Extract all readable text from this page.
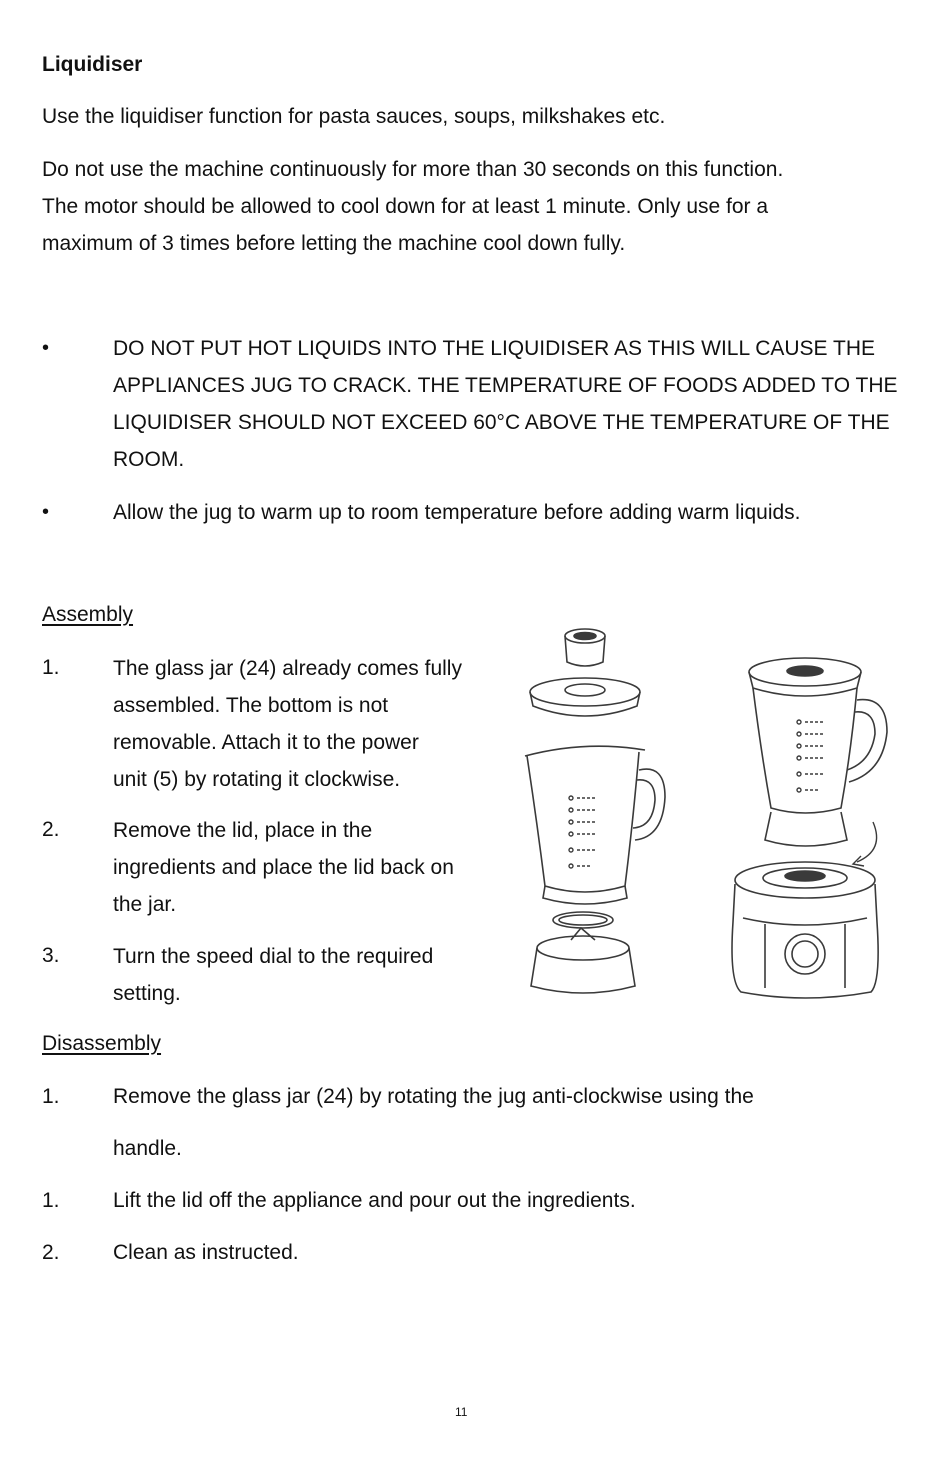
Liquidiser
Use the liquidiser function for pasta sauces, soups, milkshakes etc.
Do not use the machine continuously for more than 30 seconds on this function.
The motor should be allowed to cool down for at least 1 minute. Only use for a
maximum of 3 times before letting the machine cool down fully.
•	DO NOT PUT HOT LIQUIDS INTO THE LIQUIDISER AS THIS WILL CAUSE THE
APPLIANCES JUG TO CRACK. THE TEMPERATURE OF FOODS ADDED TO THE
LIQUIDISER SHOULD NOT EXCEED 60°C ABOVE THE TEMPERATURE OF THE
ROOM.
•	Allow the jug to warm up to room temperature before adding warm liquids.
Assembly
1.	The glass jar (24) already comes fully
assembled. The bottom is not
removable. Attach it to the power
unit (5) by rotating it clockwise.
2.	Remove the lid, place in the
ingredients and place the lid back on
the jar.
3.	Turn the speed dial to the required
setting.
Disassembly
1.	Remove the glass jar (24) by rotating the jug anti-clockwise using the
handle.
1.	Lift the lid off the appliance and pour out the ingredients.
2.	Clean as instructed.
11
